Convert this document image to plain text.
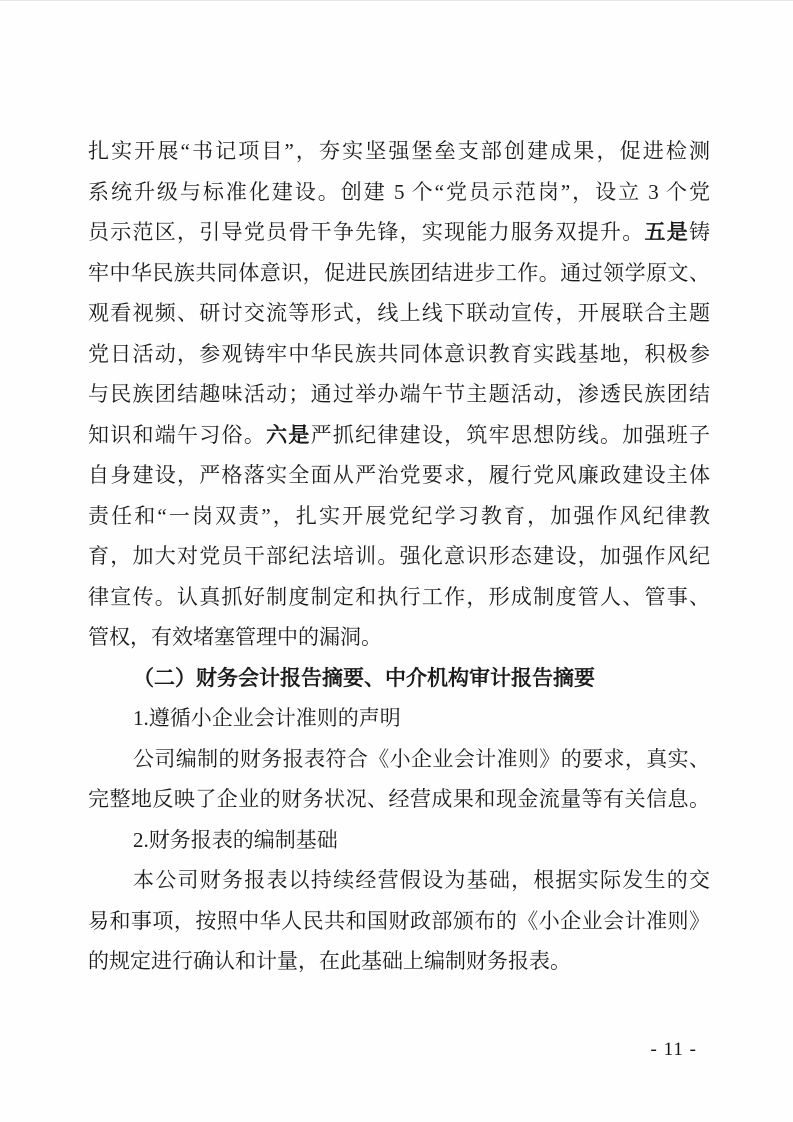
扎实开展“书记项目”，夯实坚强堡垒支部创建成果，促进检测
系统升级与标准化建设。创建 5 个“党员示范岗”，设立 3 个党
员示范区，引导党员骨干争先锋，实现能力服务双提升。五是铸
牢中华民族共同体意识，促进民族团结进步工作。通过领学原文、
观看视频、研讨交流等形式，线上线下联动宣传，开展联合主题
党日活动，参观铸牢中华民族共同体意识教育实践基地，积极参
与民族团结趣味活动；通过举办端午节主题活动，渗透民族团结
知识和端午习俗。六是严抓纪律建设，筑牢思想防线。加强班子
自身建设，严格落实全面从严治党要求，履行党风廉政建设主体
责任和“一岗双责”，扎实开展党纪学习教育，加强作风纪律教
育，加大对党员干部纪法培训。强化意识形态建设，加强作风纪
律宣传。认真抓好制度制定和执行工作，形成制度管人、管事、
管权，有效堵塞管理中的漏洞。
（二）财务会计报告摘要、中介机构审计报告摘要
1.遵循小企业会计准则的声明
公司编制的财务报表符合《小企业会计准则》的要求，真实、
完整地反映了企业的财务状况、经营成果和现金流量等有关信息。
2.财务报表的编制基础
本公司财务报表以持续经营假设为基础，根据实际发生的交
易和事项，按照中华人民共和国财政部颁布的《小企业会计准则》
的规定进行确认和计量，在此基础上编制财务报表。
- 11 -
